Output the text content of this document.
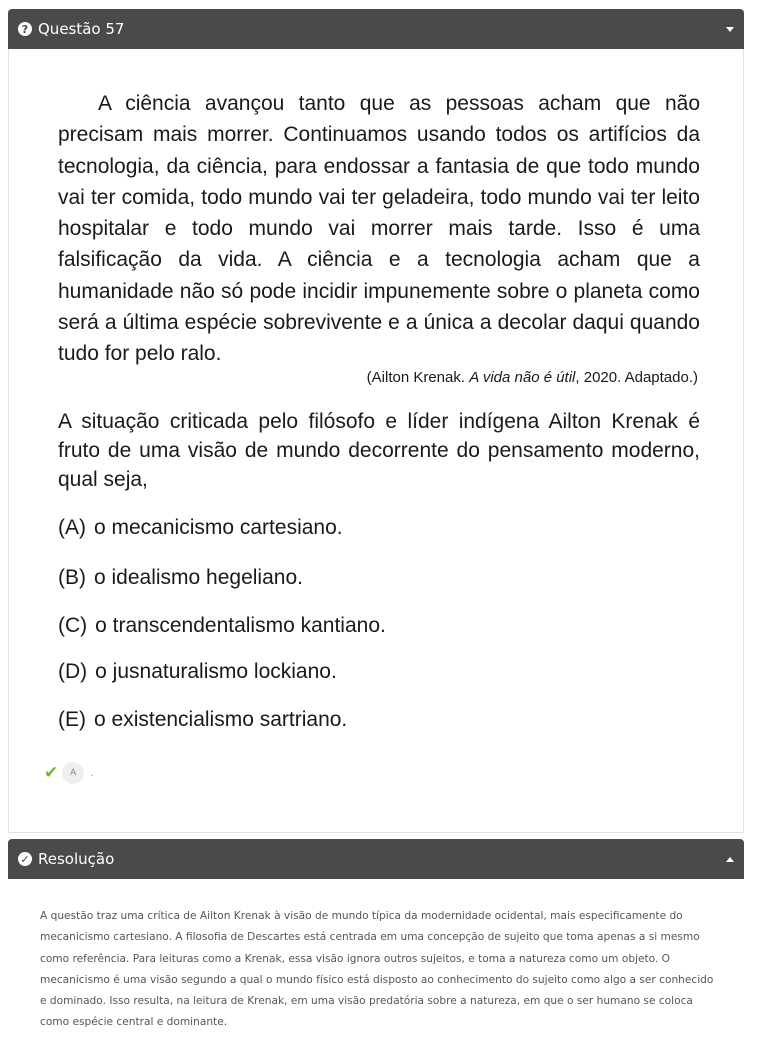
? Questão 57

A ciência avançou tanto que as pessoas acham que não precisam mais morrer. Continuamos usando todos os artifícios da tecnologia, da ciência, para endossar a fantasia de que todo mundo vai ter comida, todo mundo vai ter geladeira, todo mundo vai ter leito hospitalar e todo mundo vai morrer mais tarde. Isso é uma falsificação da vida. A ciência e a tecnologia acham que a humanidade não só pode incidir impunemente sobre o planeta como será a última espécie sobrevivente e a única a decolar daqui quando tudo for pelo ralo.

(Ailton Krenak. A vida não é útil, 2020. Adaptado.)

A situação criticada pelo filósofo e líder indígena Ailton Krenak é fruto de uma visão de mundo decorrente do pensamento moderno, qual seja,

(A) o mecanicismo cartesiano.
(B) o idealismo hegeliano.
(C) o transcendentalismo kantiano.
(D) o jusnaturalismo lockiano.
(E) o existencialismo sartriano.
✔	A	.
✓ Resolução

A questão traz uma crítica de Ailton Krenak à visão de mundo típica da modernidade ocidental, mais especificamente do mecanicismo cartesiano. A filosofia de Descartes está centrada em uma concepção de sujeito que toma apenas a si mesmo como referência. Para leituras como a Krenak, essa visão ignora outros sujeitos, e toma a natureza como um objeto. O mecanicismo é uma visão segundo a qual o mundo físico está disposto ao conhecimento do sujeito como algo a ser conhecido e dominado. Isso resulta, na leitura de Krenak, em uma visão predatória sobre a natureza, em que o ser humano se coloca como espécie central e dominante.
